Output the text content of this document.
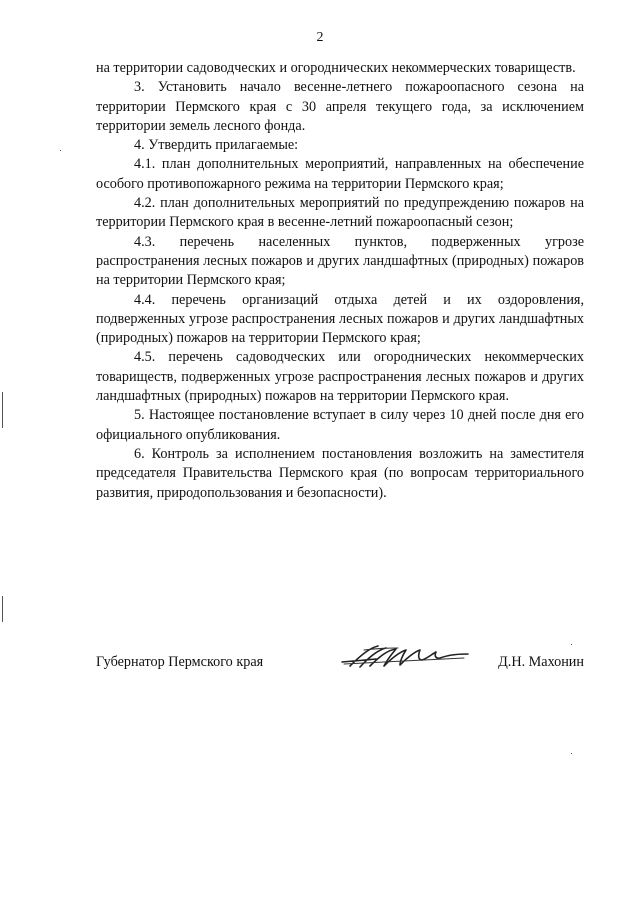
2

на территории садоводческих и огороднических некоммерческих товариществ.

3. Установить начало весенне-летнего пожароопасного сезона на территории Пермского края с 30 апреля текущего года, за исключением территории земель лесного фонда.

4. Утвердить прилагаемые:

4.1. план дополнительных мероприятий, направленных на обеспечение особого противопожарного режима на территории Пермского края;

4.2. план дополнительных мероприятий по предупреждению пожаров на территории Пермского края в весенне-летний пожароопасный сезон;

4.3. перечень населенных пунктов, подверженных угрозе распространения лесных пожаров и других ландшафтных (природных) пожаров на территории Пермского края;

4.4. перечень организаций отдыха детей и их оздоровления, подверженных угрозе распространения лесных пожаров и других ландшафтных (природных) пожаров на территории Пермского края;

4.5. перечень садоводческих или огороднических некоммерческих товариществ, подверженных угрозе распространения лесных пожаров и других ландшафтных (природных) пожаров на территории Пермского края.

5. Настоящее постановление вступает в силу через 10 дней после дня его официального опубликования.

6. Контроль за исполнением постановления возложить на заместителя председателя Правительства Пермского края (по вопросам территориального развития, природопользования и безопасности).

Губернатор Пермского края	Д.Н. Махонин
